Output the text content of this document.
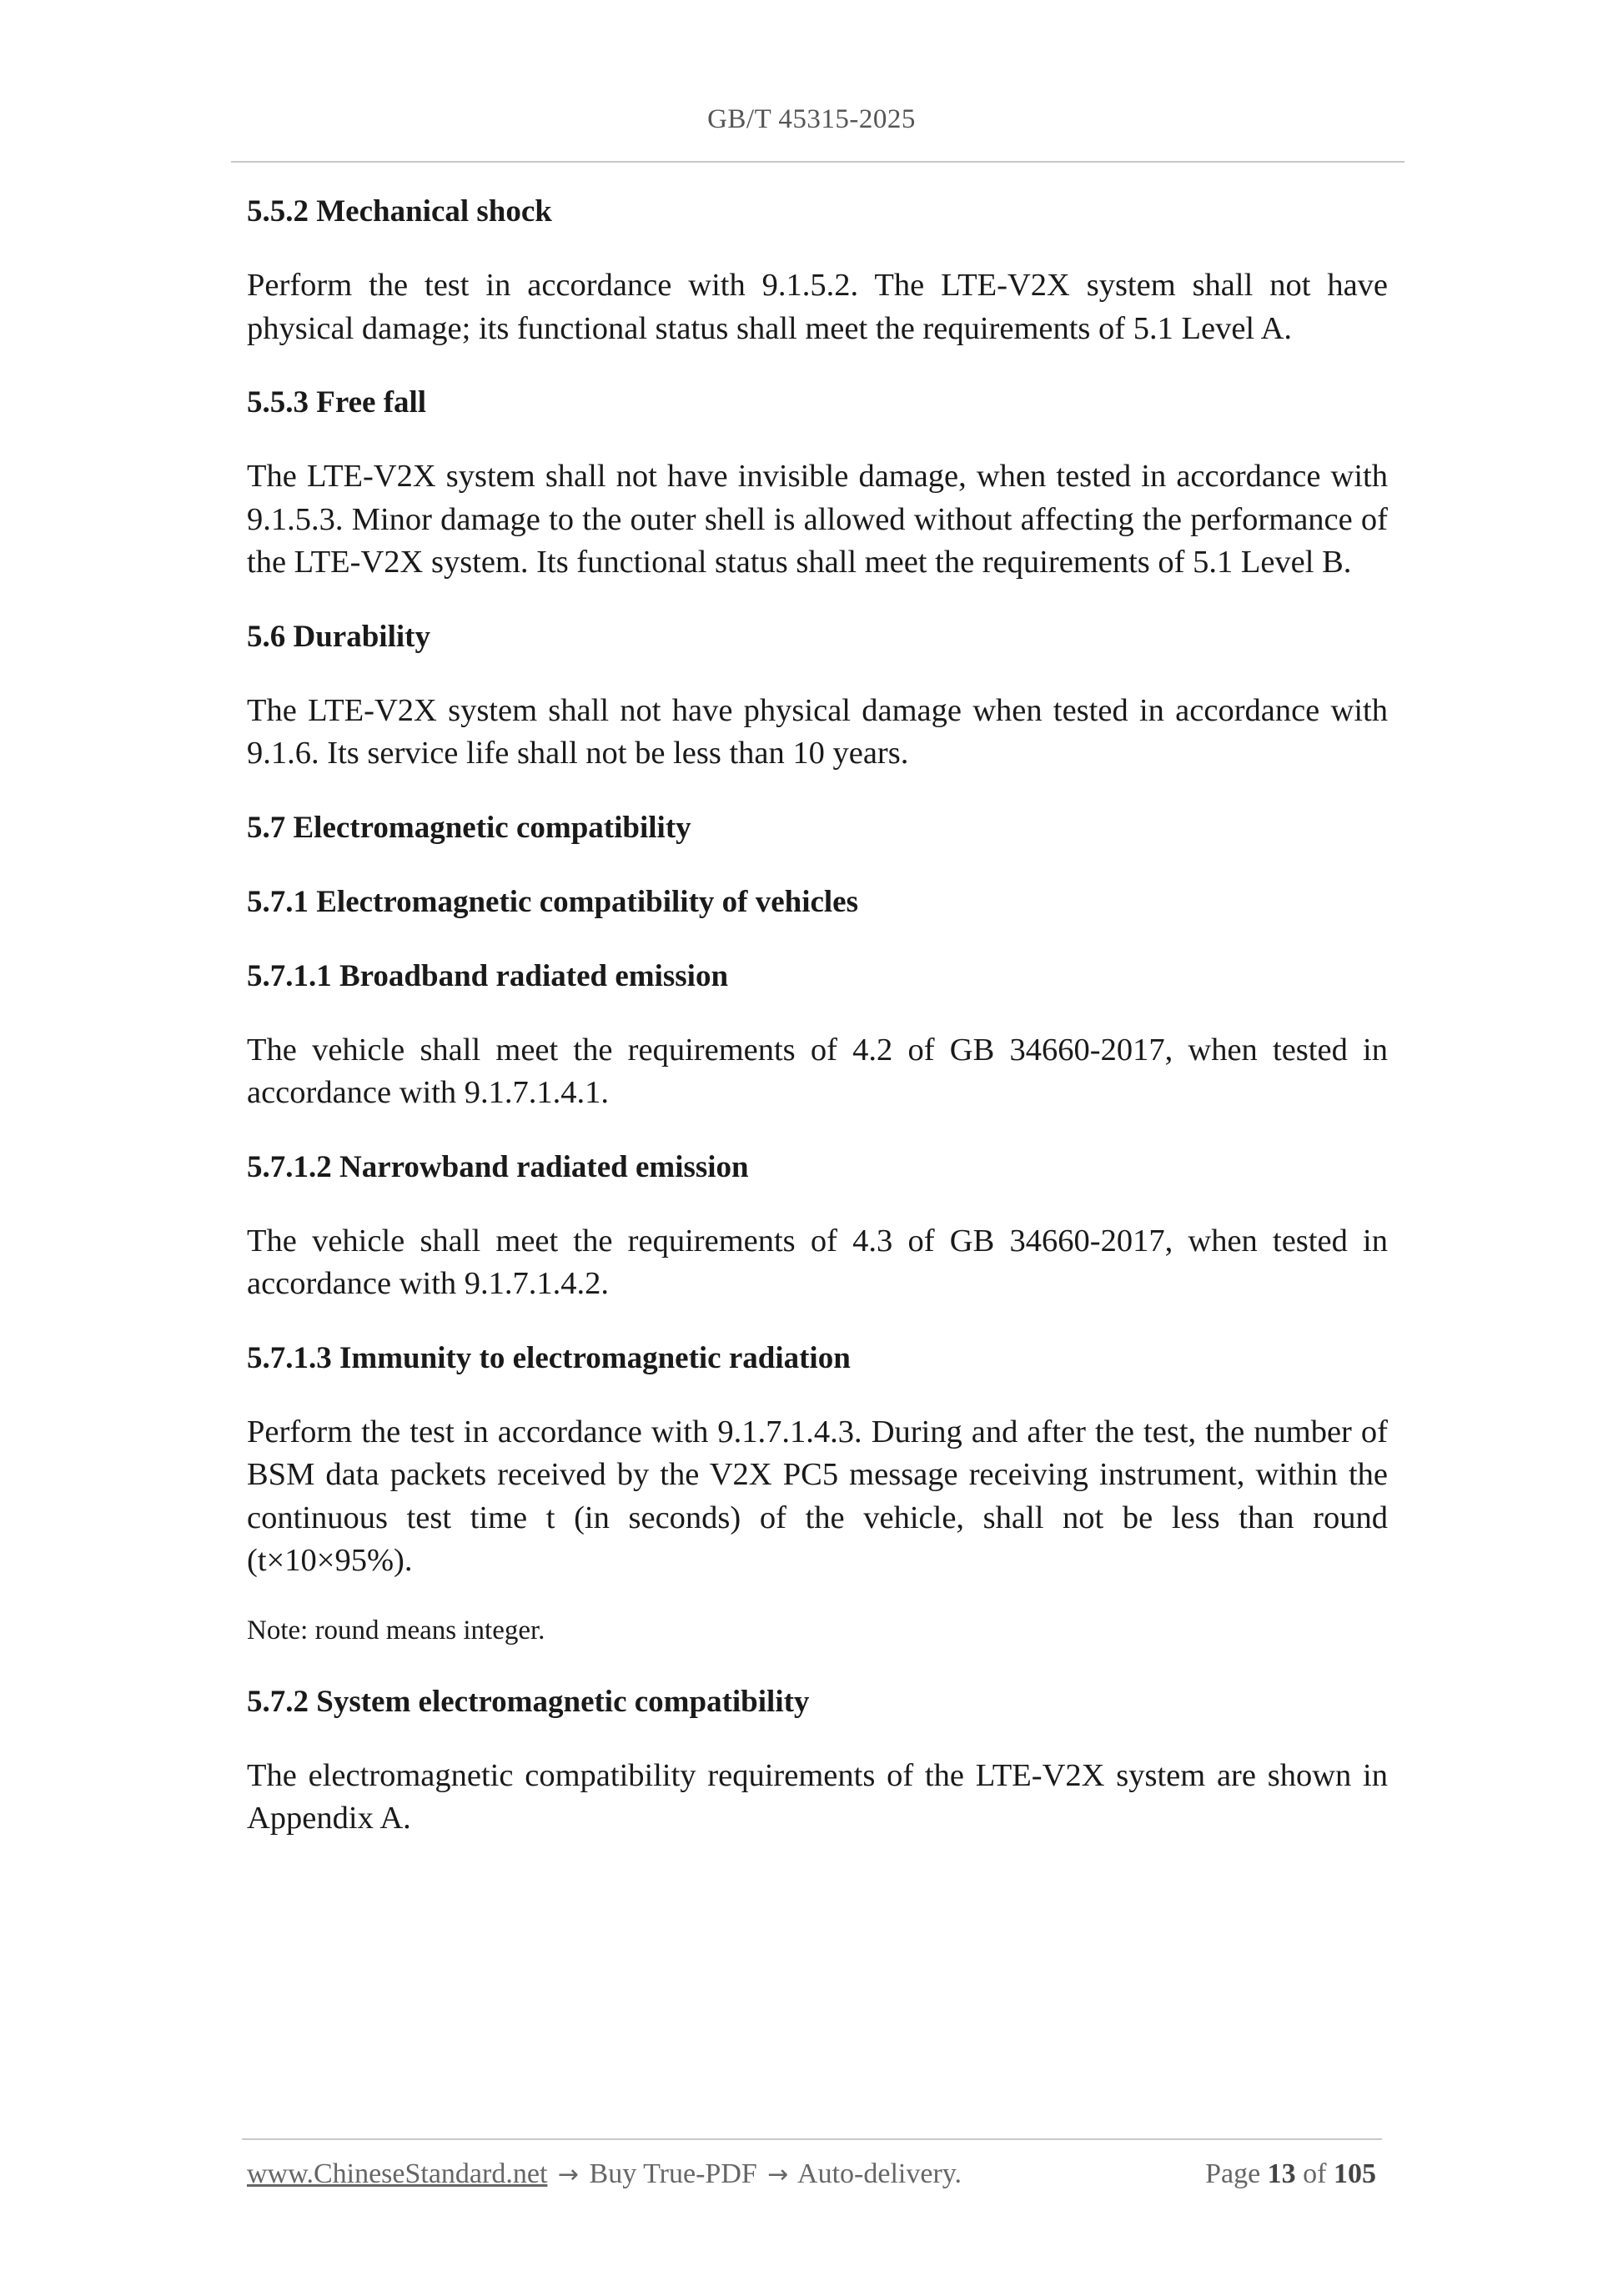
GB/T 45315-2025

5.5.2 Mechanical shock

Perform the test in accordance with 9.1.5.2. The LTE-V2X system shall not have physical damage; its functional status shall meet the requirements of 5.1 Level A.

5.5.3 Free fall

The LTE-V2X system shall not have invisible damage, when tested in accordance with 9.1.5.3. Minor damage to the outer shell is allowed without affecting the performance of the LTE-V2X system. Its functional status shall meet the requirements of 5.1 Level B.

5.6 Durability

The LTE-V2X system shall not have physical damage when tested in accordance with 9.1.6. Its service life shall not be less than 10 years.

5.7 Electromagnetic compatibility

5.7.1 Electromagnetic compatibility of vehicles

5.7.1.1 Broadband radiated emission

The vehicle shall meet the requirements of 4.2 of GB 34660-2017, when tested in accordance with 9.1.7.1.4.1.

5.7.1.2 Narrowband radiated emission

The vehicle shall meet the requirements of 4.3 of GB 34660-2017, when tested in accordance with 9.1.7.1.4.2.

5.7.1.3 Immunity to electromagnetic radiation

Perform the test in accordance with 9.1.7.1.4.3. During and after the test, the number of BSM data packets received by the V2X PC5 message receiving instrument, within the continuous test time t (in seconds) of the vehicle, shall not be less than round (t×10×95%).

Note: round means integer.

5.7.2 System electromagnetic compatibility

The electromagnetic compatibility requirements of the LTE-V2X system are shown in Appendix A.

www.ChineseStandard.net → Buy True-PDF → Auto-delivery.	Page 13 of 105
